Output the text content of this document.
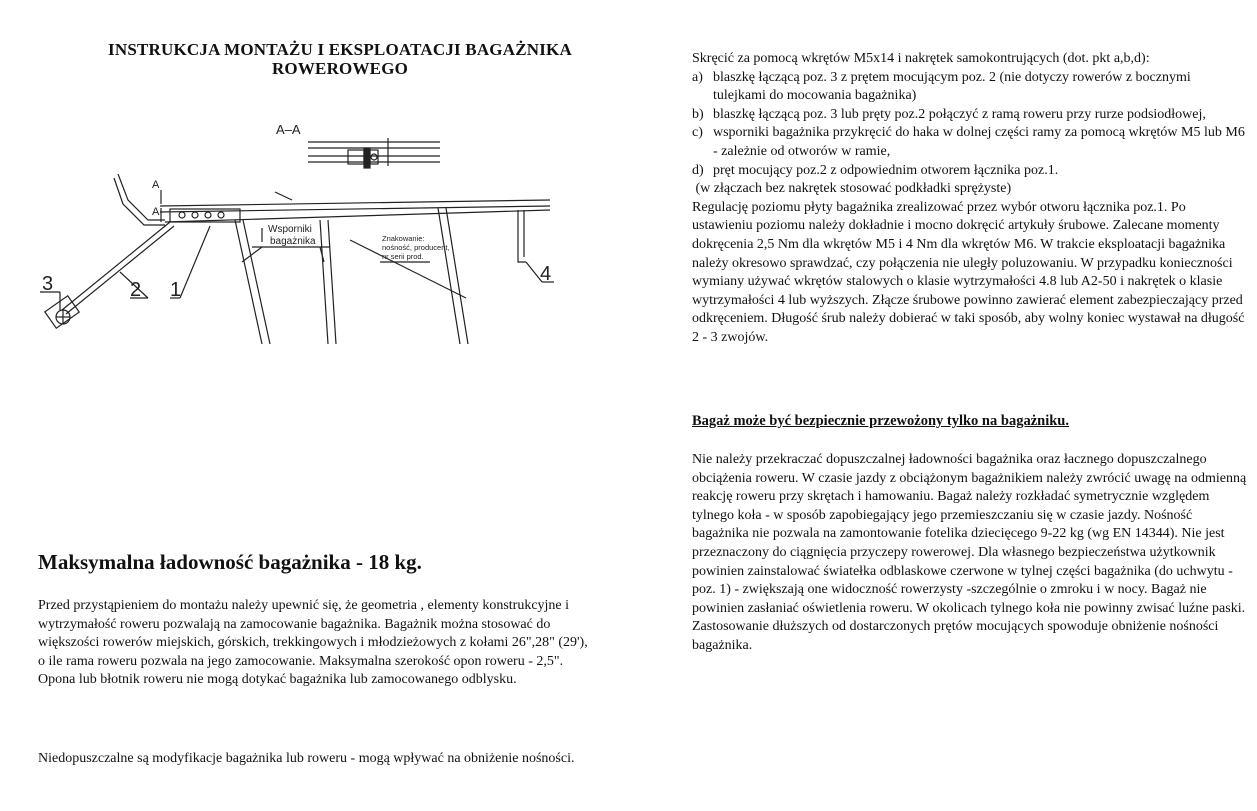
INSTRUKCJA MONTAŻU I EKSPLOATACJI BAGAŻNIKA
ROWEROWEGO
A–A
A
A
Wsporniki
bagażnika	Znakowanie:
nośność, producent,
nr serii prod.
1
2
3	4
Maksymalna ładowność bagażnika - 18 kg.

Przed przystąpieniem do montażu należy upewnić się, że geometria , elementy konstrukcyjne i wytrzymałość roweru pozwalają na zamocowanie bagażnika. Bagażnik można stosować do większości rowerów miejskich, górskich, trekkingowych i młodzieżowych z kołami 26",28" (29'), o ile rama roweru pozwala na jego zamocowanie. Maksymalna szerokość opon roweru - 2,5". Opona lub błotnik roweru nie mogą dotykać bagażnika lub zamocowanego odblysku.

Niedopuszczalne są modyfikacje bagażnika lub roweru - mogą wpływać na obniżenie nośności.

Skręcić za pomocą wkrętów M5x14 i nakrętek samokontrujących (dot. pkt a,b,d):

a) blaszkę łączącą poz. 3 z prętem mocującym poz. 2 (nie dotyczy rowerów z bocznymi tulejkami do mocowania bagażnika)
b) blaszkę łączącą poz. 3 lub pręty poz.2 połączyć z ramą roweru przy rurze podsiodłowej,
c) wsporniki bagażnika przykręcić do haka w dolnej części ramy za pomocą wkrętów M5 lub M6 - zależnie od otworów w ramie,
d) pręt mocujący poz.2 z odpowiednim otworem łącznika poz.1.

(w złączach bez nakrętek stosować podkładki sprężyste)

Regulację poziomu płyty bagażnika zrealizować przez wybór otworu łącznika poz.1. Po ustawieniu poziomu należy dokładnie i mocno dokręcić artykuły śrubowe. Zalecane momenty dokręcenia 2,5 Nm dla wkrętów M5 i 4 Nm dla wkrętów M6. W trakcie eksploatacji bagażnika należy okresowo sprawdzać, czy połączenia nie uległy poluzowaniu. W przypadku konieczności wymiany używać wkrętów stalowych o klasie wytrzymałości 4.8 lub A2-50 i nakrętek o klasie wytrzymałości 4 lub wyższych. Złącze śrubowe powinno zawierać element zabezpieczający przed odkręceniem. Długość śrub należy dobierać w taki sposób, aby wolny koniec wystawał na długość 2 - 3 zwojów.

Bagaż może być bezpiecznie przewożony tylko na bagażniku.

Nie należy przekraczać dopuszczalnej ładowności bagażnika oraz łacznego dopuszczalnego obciążenia roweru. W czasie jazdy z obciążonym bagażnikiem należy zwrócić uwagę na odmienną reakcję roweru przy skrętach i hamowaniu. Bagaż należy rozkładać symetrycznie względem tylnego koła - w sposób zapobiegający jego przemieszczaniu się w czasie jazdy. Nośność bagażnika nie pozwala na zamontowanie fotelika dziecięcego 9-22 kg (wg EN 14344). Nie jest przeznaczony do ciągnięcia przyczepy rowerowej. Dla własnego bezpieczeństwa użytkownik powinien zainstalować światełka odblaskowe czerwone w tylnej części bagażnika (do uchwytu - poz. 1) - zwiększają one widoczność rowerzysty -szczególnie o zmroku i w nocy. Bagaż nie powinien zasłaniać oświetlenia roweru. W okolicach tylnego koła nie powinny zwisać luźne paski. Zastosowanie dłuższych od dostarczonych prętów mocujących spowoduje obniżenie nośności bagażnika.
